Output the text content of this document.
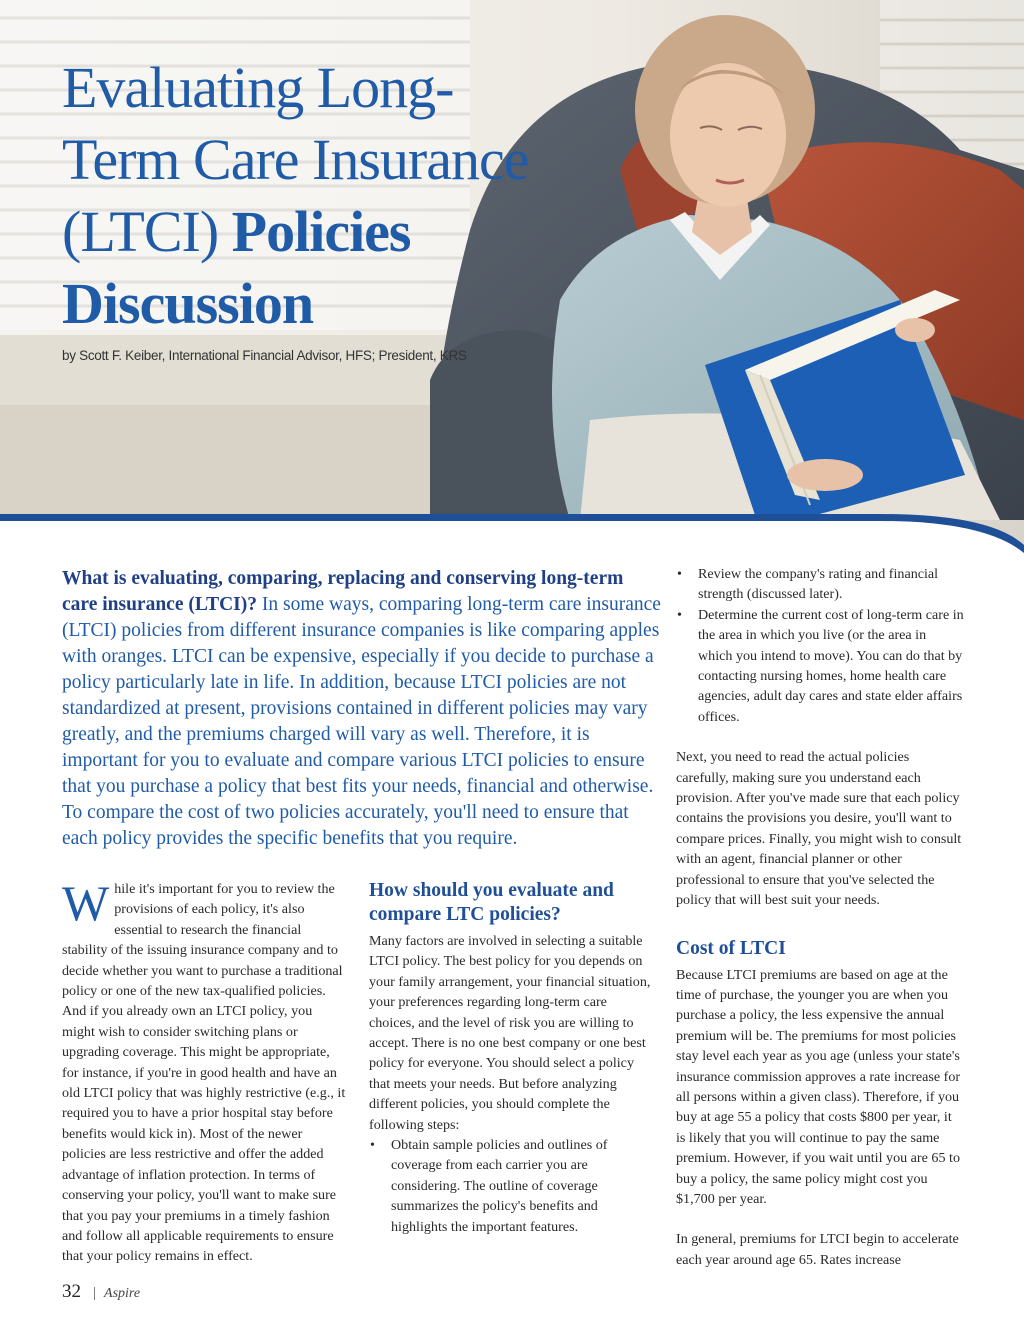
Evaluating Long-
Term Care Insurance
(LTCI) Policies
Discussion
by Scott F. Keiber, International Financial Advisor, HFS; President, KRS

What is evaluating, comparing, replacing and conserving long-term care insurance (LTCI)? In some ways, comparing long-term care insurance (LTCI) policies from different insurance companies is like comparing apples with oranges. LTCI can be expensive, especially if you decide to purchase a policy particularly late in life. In addition, because LTCI policies are not standardized at present, provisions contained in different policies may vary greatly, and the premiums charged will vary as well. Therefore, it is important for you to evaluate and compare various LTCI policies to ensure that you purchase a policy that best fits your needs, financial and otherwise. To compare the cost of two policies accurately, you'll need to ensure that each policy provides the specific benefits that you require.

While it's important for you to review the provisions of each policy, it's also essential to research the financial stability of the issuing insurance company and to decide whether you want to purchase a traditional policy or one of the new tax-qualified policies. And if you already own an LTCI policy, you might wish to consider switching plans or upgrading coverage. This might be appropriate, for instance, if you're in good health and have an old LTCI policy that was highly restrictive (e.g., it required you to have a prior hospital stay before benefits would kick in). Most of the newer policies are less restrictive and offer the added advantage of inflation protection. In terms of conserving your policy, you'll want to make sure that you pay your premiums in a timely fashion and follow all applicable requirements to ensure that your policy remains in effect.

How should you evaluate and compare LTC policies?

Many factors are involved in selecting a suitable LTCI policy. The best policy for you depends on your family arrangement, your financial situation, your preferences regarding long-term care choices, and the level of risk you are willing to accept. There is no one best company or one best policy for everyone. You should select a policy that meets your needs. But before analyzing different policies, you should complete the following steps:

• Obtain sample policies and outlines of coverage from each carrier you are considering. The outline of coverage summarizes the policy's benefits and highlights the important features.
• Review the company's rating and financial strength (discussed later).
• Determine the current cost of long-term care in the area in which you live (or the area in which you intend to move). You can do that by contacting nursing homes, home health care agencies, adult day cares and state elder affairs offices.

Next, you need to read the actual policies carefully, making sure you understand each provision. After you've made sure that each policy contains the provisions you desire, you'll want to compare prices. Finally, you might wish to consult with an agent, financial planner or other professional to ensure that you've selected the policy that will best suit your needs.

Cost of LTCI

Because LTCI premiums are based on age at the time of purchase, the younger you are when you purchase a policy, the less expensive the annual premium will be. The premiums for most policies stay level each year as you age (unless your state's insurance commission approves a rate increase for all persons within a given class). Therefore, if you buy at age 55 a policy that costs $800 per year, it is likely that you will continue to pay the same premium. However, if you wait until you are 65 to buy a policy, the same policy might cost you $1,700 per year.

In general, premiums for LTCI begin to accelerate each year around age 65. Rates increase

32 | Aspire
